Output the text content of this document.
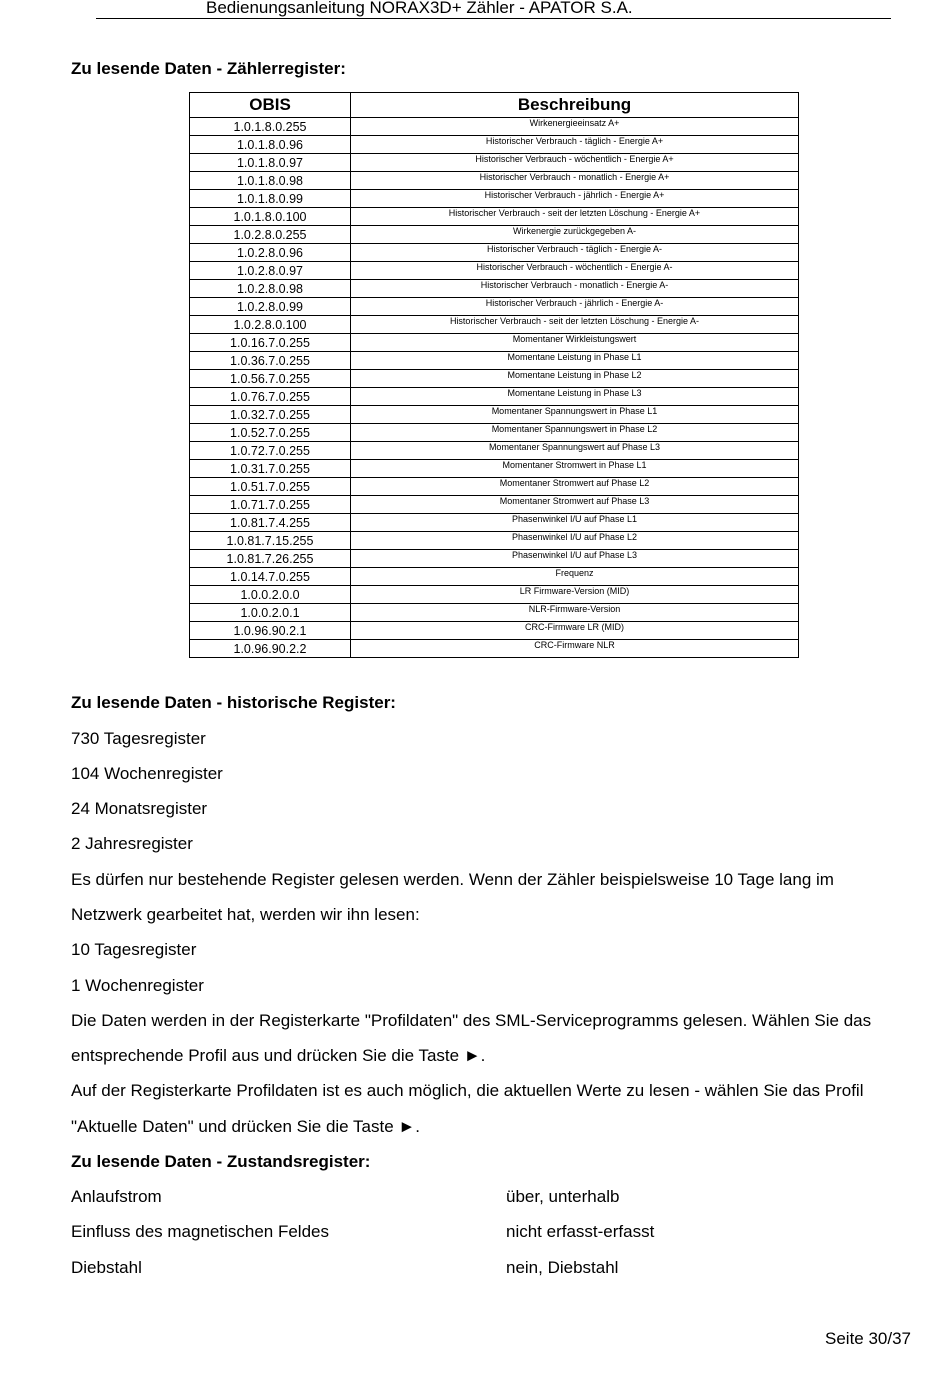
Bedienungsanleitung NORAX3D+ Zähler - APATOR S.A.
Zu lesende Daten - Zählerregister:
OBIS	Beschreibung
1.0.1.8.0.255	Wirkenergieeinsatz A+
1.0.1.8.0.96	Historischer Verbrauch - täglich - Energie A+
1.0.1.8.0.97	Historischer Verbrauch - wöchentlich - Energie A+
1.0.1.8.0.98	Historischer Verbrauch - monatlich - Energie A+
1.0.1.8.0.99	Historischer Verbrauch - jährlich - Energie A+
1.0.1.8.0.100	Historischer Verbrauch - seit der letzten Löschung - Energie A+
1.0.2.8.0.255	Wirkenergie zurückgegeben A-
1.0.2.8.0.96	Historischer Verbrauch - täglich - Energie A-
1.0.2.8.0.97	Historischer Verbrauch - wöchentlich - Energie A-
1.0.2.8.0.98	Historischer Verbrauch - monatlich - Energie A-
1.0.2.8.0.99	Historischer Verbrauch - jährlich - Energie A-
1.0.2.8.0.100	Historischer Verbrauch - seit der letzten Löschung - Energie A-
1.0.16.7.0.255	Momentaner Wirkleistungswert
1.0.36.7.0.255	Momentane Leistung in Phase L1
1.0.56.7.0.255	Momentane Leistung in Phase L2
1.0.76.7.0.255	Momentane Leistung in Phase L3
1.0.32.7.0.255	Momentaner Spannungswert in Phase L1
1.0.52.7.0.255	Momentaner Spannungswert in Phase L2
1.0.72.7.0.255	Momentaner Spannungswert auf Phase L3
1.0.31.7.0.255	Momentaner Stromwert in Phase L1
1.0.51.7.0.255	Momentaner Stromwert auf Phase L2
1.0.71.7.0.255	Momentaner Stromwert auf Phase L3
1.0.81.7.4.255	Phasenwinkel I/U auf Phase L1
1.0.81.7.15.255	Phasenwinkel I/U auf Phase L2
1.0.81.7.26.255	Phasenwinkel I/U auf Phase L3
1.0.14.7.0.255	Frequenz
1.0.0.2.0.0	LR Firmware-Version (MID)
1.0.0.2.0.1	NLR-Firmware-Version
1.0.96.90.2.1	CRC-Firmware LR (MID)
1.0.96.90.2.2	CRC-Firmware NLR
Zu lesende Daten - historische Register:
730 Tagesregister
104 Wochenregister
24 Monatsregister
2 Jahresregister
Es dürfen nur bestehende Register gelesen werden. Wenn der Zähler beispielsweise 10 Tage lang im
Netzwerk gearbeitet hat, werden wir ihn lesen:
10 Tagesregister
1 Wochenregister
Die Daten werden in der Registerkarte "Profildaten" des SML-Serviceprogramms gelesen. Wählen Sie das
entsprechende Profil aus und drücken Sie die Taste ►.
Auf der Registerkarte Profildaten ist es auch möglich, die aktuellen Werte zu lesen - wählen Sie das Profil
"Aktuelle Daten" und drücken Sie die Taste ►.
Zu lesende Daten - Zustandsregister:
Anlaufstrom	über, unterhalb
Einfluss des magnetischen Feldes	nicht erfasst-erfasst
Diebstahl	nein, Diebstahl
Seite 30/37
